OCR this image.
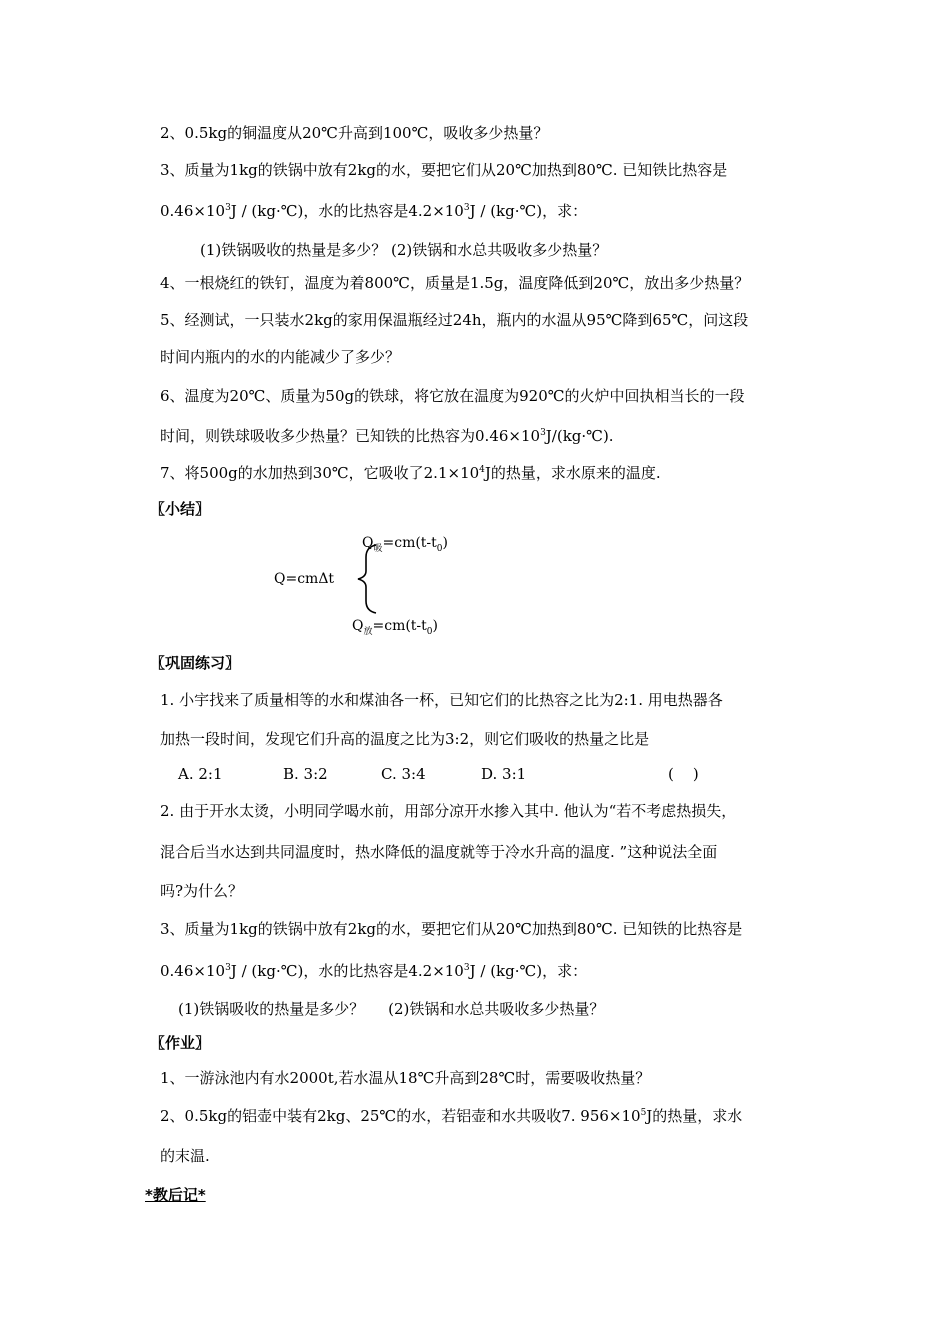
2、0.5kg的铜温度从20℃升高到100℃，吸收多少热量？
3、质量为1kg的铁锅中放有2kg的水，要把它们从20℃加热到80℃. 已知铁比热容是
$0.46\times 10^3J$ / (kg·℃)，水的比热容是$4.2\times 10^3J$ / (kg·℃)，求：
(1)铁锅吸收的热量是多少？ (2)铁锅和水总共吸收多少热量？
4、一根烧红的铁钉，温度为着800℃，质量是1.5g，温度降低到20℃，放出多少热量？
5、经测试，一只装水2kg的家用保温瓶经过24h，瓶内的水温从95℃降到65℃，问这段
时间内瓶内的水的内能减少了多少？
6、温度为20℃、质量为50g的铁球，将它放在温度为920℃的火炉中回执相当长的一段
时间，则铁球吸收多少热量？已知铁的比热容为$0.46\times 10^3J/(kg\cdot℃)$.
7、将500g的水加热到30℃，它吸收了$2.1\times 10^4J$的热量，求水原来的温度.
〖小结〗
$Q_吸=cm(t-t_0)$
Q=cmΔt
$Q_放=cm(t-t_0)$
〖巩固练习〗
1. 小宇找来了质量相等的水和煤油各一杯，已知它们的比热容之比为2:1. 用电热器各
加热一段时间，发现它们升高的温度之比为3:2，则它们吸收的热量之比是
A. 2:1	B. 3:2	C. 3:4	D. 3:1	(    )
2. 由于开水太烫，小明同学喝水前，用部分凉开水掺入其中. 他认为“若不考虑热损失，
混合后当水达到共同温度时，热水降低的温度就等于冷水升高的温度. ”这种说法全面
吗?为什么？
3、质量为1kg的铁锅中放有2kg的水，要把它们从20℃加热到80℃. 已知铁的比热容是
$0.46\times 10^3J$ / (kg·℃)，水的比热容是$4.2\times 10^3J$ / (kg·℃)，求：
(1)铁锅吸收的热量是多少？     (2)铁锅和水总共吸收多少热量？
〖作业〗
1、一游泳池内有水2000t,若水温从18℃升高到28℃时，需要吸收热量？
2、0.5kg的铝壶中装有2kg、25℃的水，若铝壶和水共吸收7. $956\times 10^5J$的热量，求水
的末温.
*教后记*
